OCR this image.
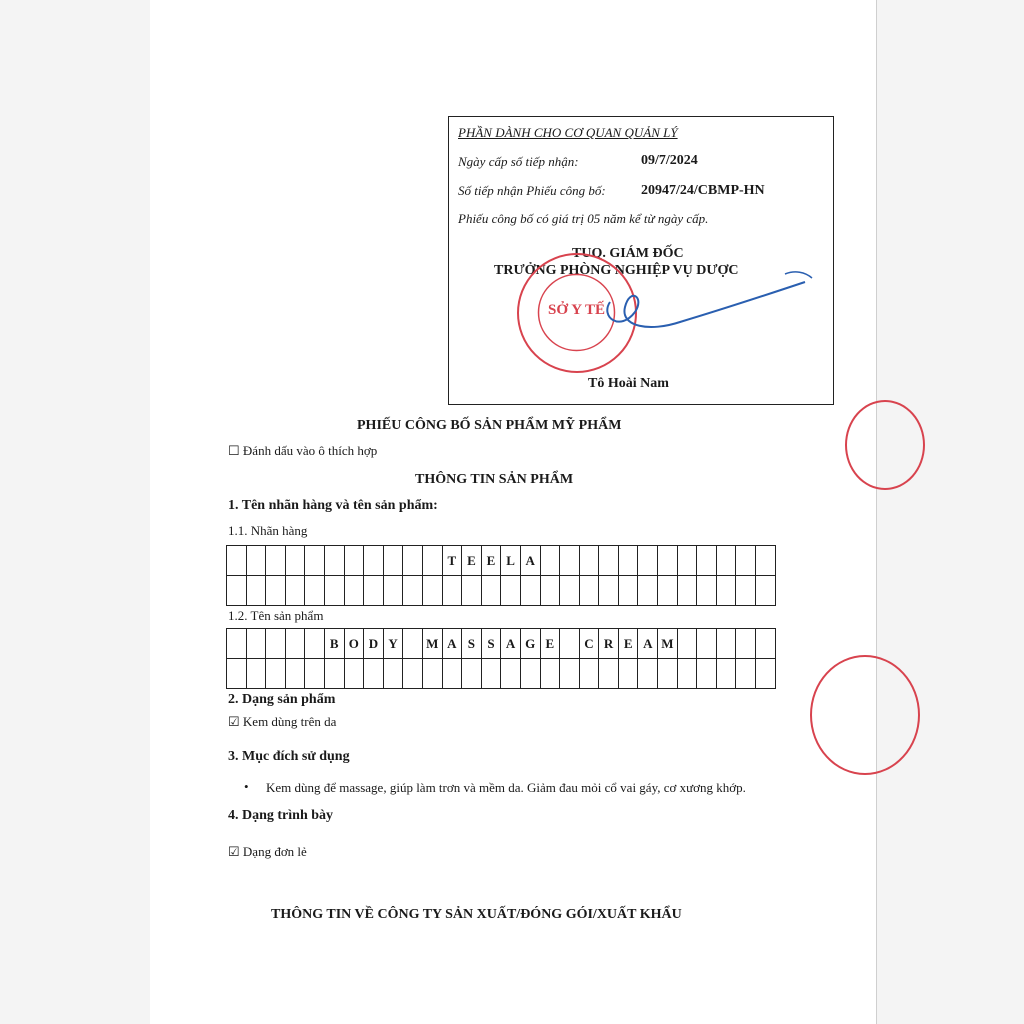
PHẦN DÀNH CHO CƠ QUAN QUẢN LÝ
Ngày cấp số tiếp nhận:	09/7/2024
Số tiếp nhận Phiếu công bố:	20947/24/CBMP-HN
Phiếu công bố có giá trị 05 năm kể từ ngày cấp.
TUQ. GIÁM ĐỐC
TRƯỞNG PHÒNG NGHIỆP VỤ DƯỢC
SỞ Y TẾ
Tô Hoài Nam
PHIẾU CÔNG BỐ SẢN PHẨM MỸ PHẨM
☐ Đánh dấu vào ô thích hợp
THÔNG TIN SẢN PHẨM
1. Tên nhãn hàng và tên sản phẩm:
1.1. Nhãn hàng
T E E L A
1.2. Tên sản phẩm
B O D Y	M A S S A G E	C R E A M
2. Dạng sản phẩm
☑ Kem dùng trên da
3. Mục đích sử dụng
• Kem dùng để massage, giúp làm trơn và mềm da. Giảm đau mỏi cổ vai gáy, cơ xương khớp.
4. Dạng trình bày
☑ Dạng đơn lẻ
THÔNG TIN VỀ CÔNG TY SẢN XUẤT/ĐÓNG GÓI/XUẤT KHẨU
